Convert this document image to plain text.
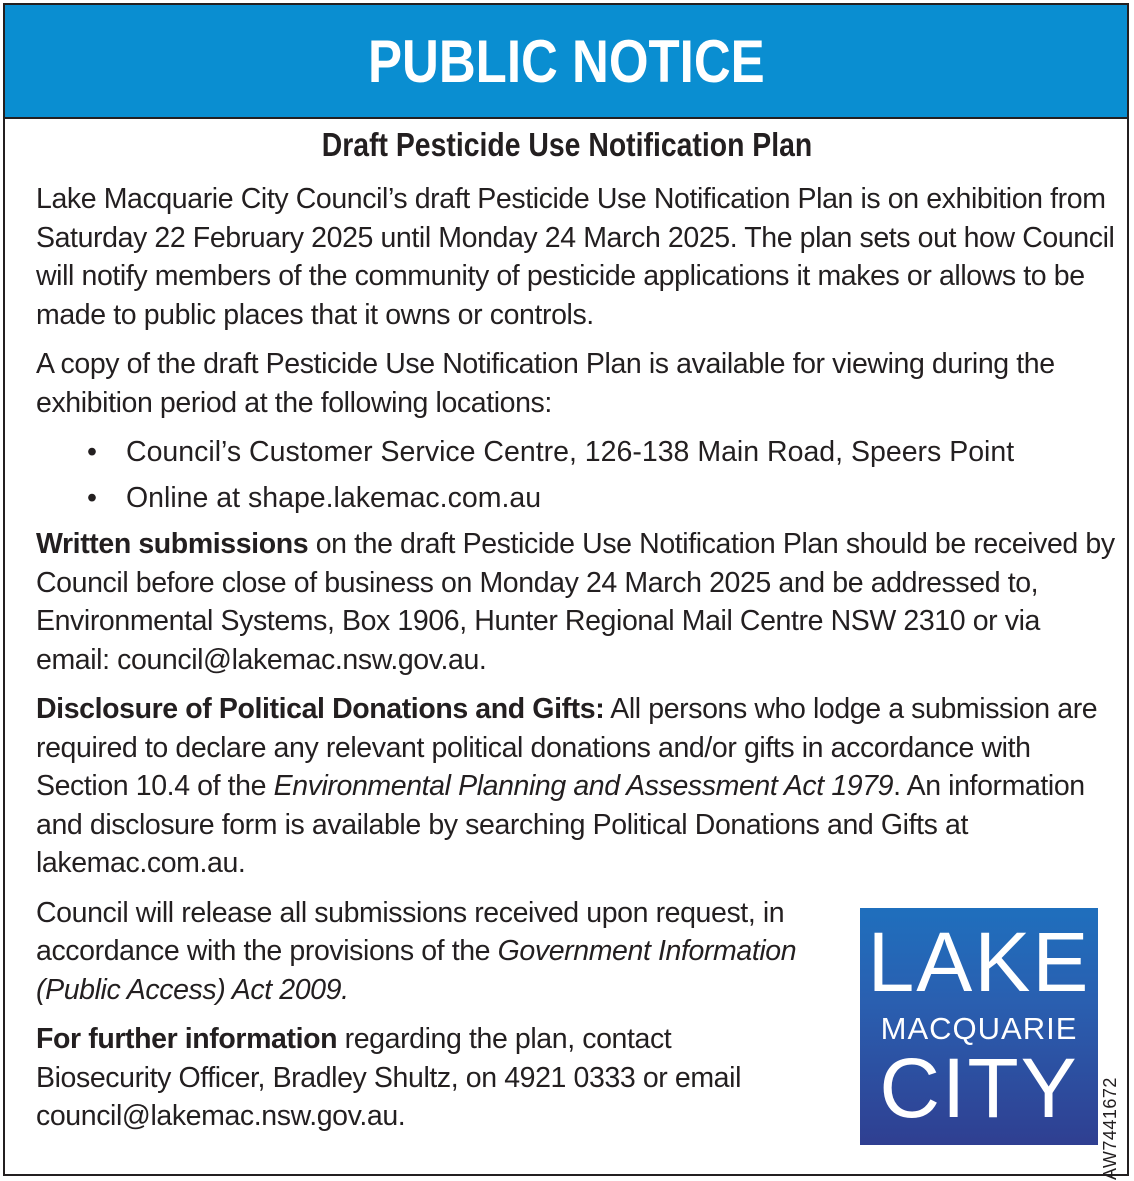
PUBLIC NOTICE
Draft Pesticide Use Notification Plan

Lake Macquarie City Council’s draft Pesticide Use Notification Plan is on exhibition from Saturday 22 February 2025 until Monday 24 March 2025. The plan sets out how Council will notify members of the community of pesticide applications it makes or allows to be made to public places that it owns or controls.

A copy of the draft Pesticide Use Notification Plan is available for viewing during the exhibition period at the following locations:

• Council’s Customer Service Centre, 126-138 Main Road, Speers Point
• Online at shape.lakemac.com.au

Written submissions on the draft Pesticide Use Notification Plan should be received by Council before close of business on Monday 24 March 2025 and be addressed to, Environmental Systems, Box 1906, Hunter Regional Mail Centre NSW 2310 or via email: council@lakemac.nsw.gov.au.

Disclosure of Political Donations and Gifts: All persons who lodge a submission are required to declare any relevant political donations and/or gifts in accordance with Section 10.4 of the Environmental Planning and Assessment Act 1979. An information and disclosure form is available by searching Political Donations and Gifts at lakemac.com.au.

Council will release all submissions received upon request, in accordance with the provisions of the Government Information (Public Access) Act 2009.

For further information regarding the plan, contact Biosecurity Officer, Bradley Shultz, on 4921 0333 or email council@lakemac.nsw.gov.au.

LAKE
MACQUARIE
CITY	AW7441672
